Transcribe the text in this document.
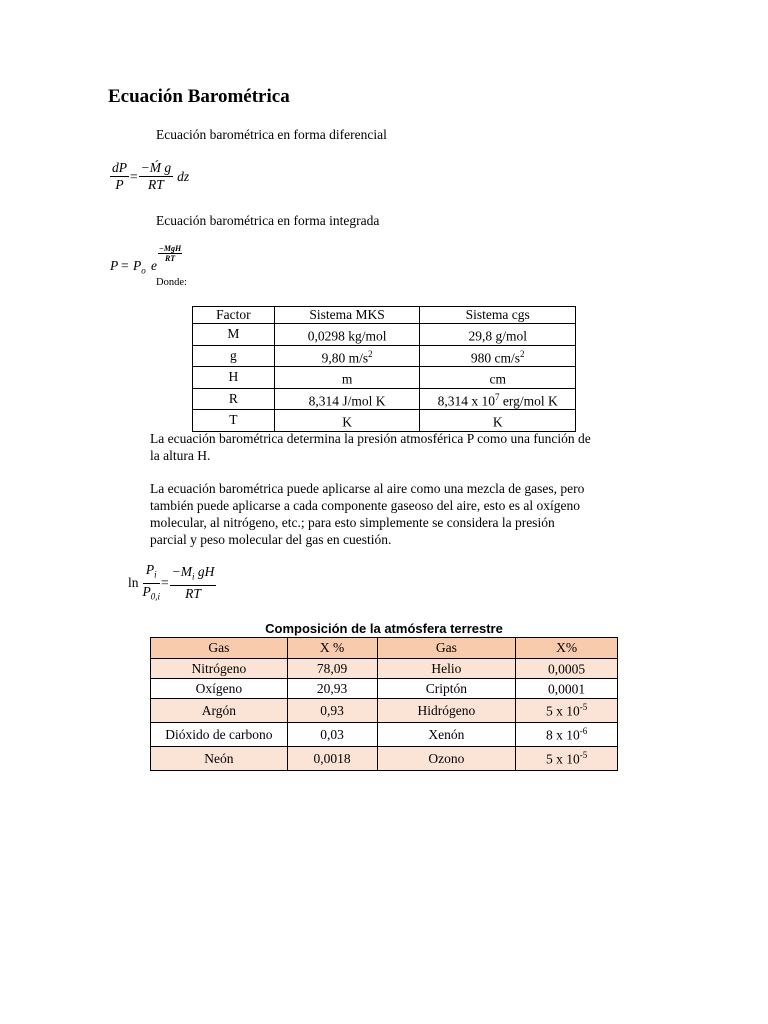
Ecuación Barométrica
Ecuación barométrica en forma diferencial
$\frac{dP}{P} = \frac{\text{−Ḿ g}}{RT}$ dz
Ecuación barométrica en forma integrada
$P = P_o$ e
−MgH
RT
Donde:
Factor	Sistema MKS	Sistema cgs
M	0,0298 kg/mol	29,8 g/mol
g	9,80 $m/s^2$	980 $cm/s^2$
H	m	cm
R	8,314 J/mol K	8,314 x $10^7$ erg/mol K
T	K	K
La ecuación barométrica determina la presión atmosférica P como una función de
la altura H.
La ecuación barométrica puede aplicarse al aire como una mezcla de gases, pero
también puede aplicarse a cada componente gaseoso del aire, esto es al oxígeno
molecular, al nitrógeno, etc.; para esto simplemente se considera la presión
parcial y peso molecular del gas en cuestión.
$\ln \frac{P_i}{P_{0,i}} = \frac{-M_i gH}{RT}$
Composición de la atmósfera terrestre
Gas	X %	Gas	X%
Nitrógeno	78,09	Helio	0,0005
Oxígeno	20,93	Criptón	0,0001
Argón	0,93	Hidrógeno	5 x $10^{-5}$
Dióxido de carbono	0,03	Xenón	8 x $10^{-6}$
Neón	0,0018	Ozono	5 x $10^{-5}$
